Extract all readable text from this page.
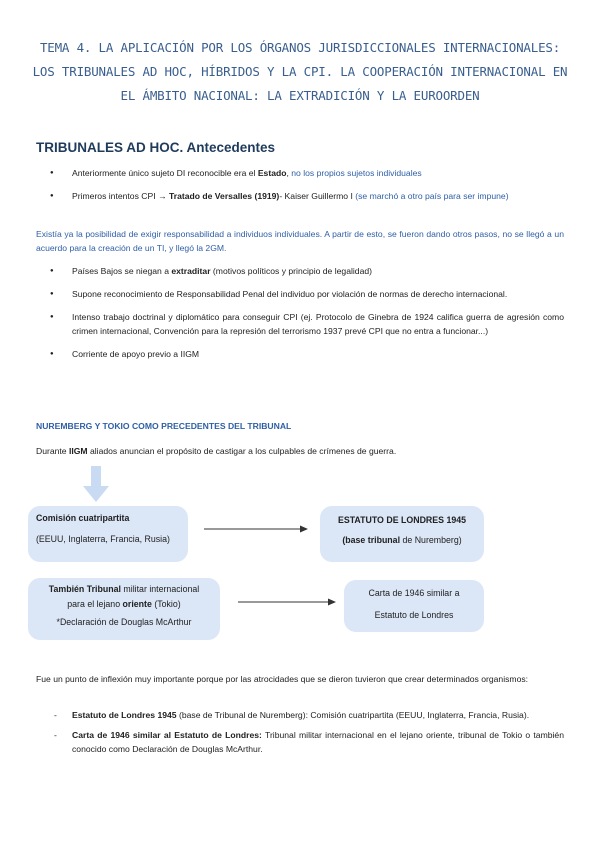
TEMA 4. LA APLICACIÓN POR LOS ÓRGANOS JURISDICCIONALES INTERNACIONALES: LOS TRIBUNALES AD HOC, HÍBRIDOS Y LA CPI. LA COOPERACIÓN INTERNACIONAL EN EL ÁMBITO NACIONAL: LA EXTRADICIÓN Y LA EUROORDEN
TRIBUNALES AD HOC. Antecedentes
● Anteriormente único sujeto DI reconocible era el Estado, no los propios sujetos individuales
● Primeros intentos CPI → Tratado de Versalles (1919)- Kaiser Guillermo I (se marchó a otro país para ser impune)
Existía ya la posibilidad de exigir responsabilidad a individuos individuales. A partir de esto, se fueron dando otros pasos, no se llegó a un acuerdo para la creación de un TI, y llegó la 2GM.
● Países Bajos se niegan a extraditar (motivos políticos y principio de legalidad)
● Supone reconocimiento de Responsabilidad Penal del individuo por violación de normas de derecho internacional.
● Intenso trabajo doctrinal y diplomático para conseguir CPI (ej. Protocolo de Ginebra de 1924 califica guerra de agresión como crimen internacional, Convención para la represión del terrorismo 1937 prevé CPI que no entra a funcionar...)
● Corriente de apoyo previo a IIGM
NUREMBERG Y TOKIO COMO PRECEDENTES DEL TRIBUNAL
Durante IIGM aliados anuncian el propósito de castigar a los culpables de crímenes de guerra.

Comisión cuatripartita

(EEUU, Inglaterra, Francia, Rusia)

ESTATUTO DE LONDRES 1945

(base tribunal de Nuremberg)

También Tribunal militar internacional

para el lejano oriente (Tokio)

*Declaración de Douglas McArthur

Carta de 1946 similar a

Estatuto de Londres

Fue un punto de inflexión muy importante porque por las atrocidades que se dieron tuvieron que crear determinados organismos:
- Estatuto de Londres 1945 (base de Tribunal de Nuremberg): Comisión cuatripartita (EEUU, Inglaterra, Francia, Rusia).
- Carta de 1946 similar al Estatuto de Londres: Tribunal militar internacional en el lejano oriente, tribunal de Tokio o también conocido como Declaración de Douglas McArthur.
